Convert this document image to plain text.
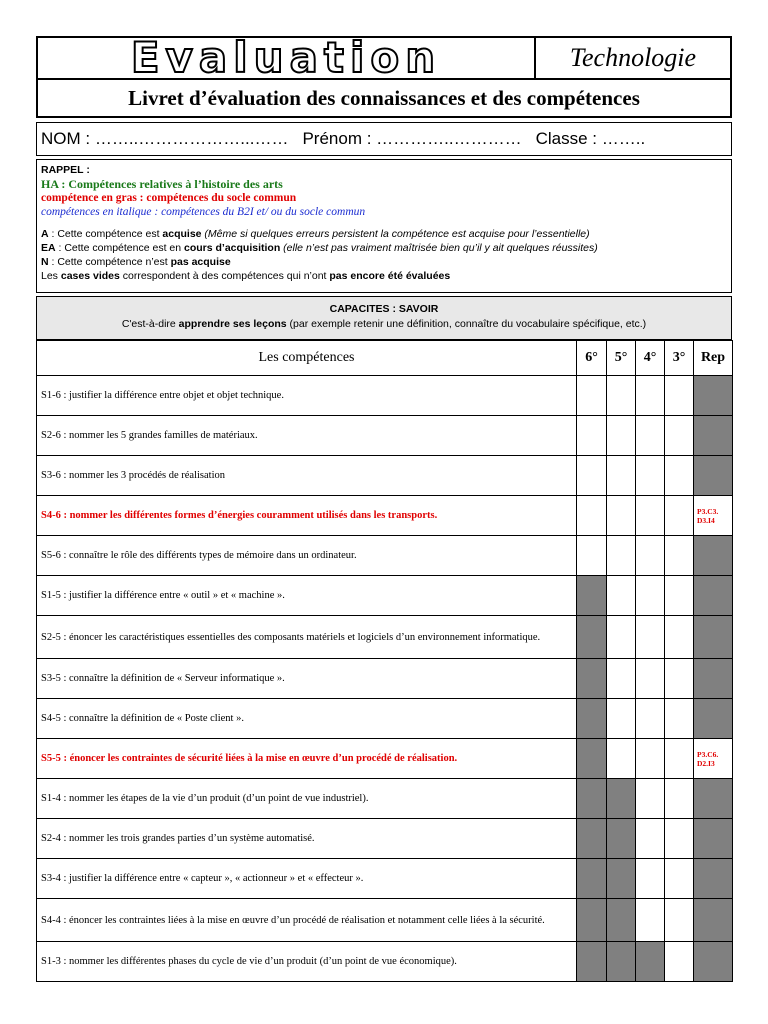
Evaluation	Technologie
Livret d’évaluation des connaissances et des compétences
NOM : ……..………………...…… Prénom : …………..………… Classe : ……..
RAPPEL :
HA : Compétences relatives à l’histoire des arts
compétence en gras : compétences du socle commun
compétences en italique : compétences du B2I et/ ou du socle commun
A : Cette compétence est acquise (Même si quelques erreurs persistent la compétence est acquise pour l’essentielle)
EA : Cette compétence est en cours d’acquisition (elle n’est pas vraiment maîtrisée bien qu’il y ait quelques réussites)
N : Cette compétence n’est pas acquise
Les cases vides correspondent à des compétences qui n’ont pas encore été évaluées
CAPACITES : SAVOIR
C'est-à-dire apprendre ses leçons (par exemple retenir une définition, connaître du vocabulaire spécifique, etc.)
Les compétences	6°	5°	4°	3°	Rep
S1-6 : justifier la différence entre objet et objet technique.					
S2-6 : nommer les 5 grandes familles de matériaux.					
S3-6 : nommer les 3 procédés de réalisation					
S4-6 : nommer les différentes formes d’énergies couramment utilisés dans les transports.					P3.C3.
D3.I4
S5-6 : connaître le rôle des différents types de mémoire dans un ordinateur.					
S1-5 : justifier la différence entre « outil » et « machine ».					

S2-5 : énoncer les caractéristiques essentielles des composants matériels et logiciels d’un environnement informatique.					

S3-5 : connaître la définition de « Serveur informatique ».					
S4-5 : connaître la définition de « Poste client ».					
S5-5 : énoncer les contraintes de sécurité liées à la mise en œuvre d’un procédé de réalisation.					P3.C6.
D2.I3
S1-4 : nommer les étapes de la vie d’un produit (d’un point de vue industriel).					
S2-4 : nommer les trois grandes parties d’un système automatisé.					
S3-4 : justifier la différence entre « capteur », « actionneur » et « effecteur ».					

S4-4 : énoncer les contraintes liées à la mise en œuvre d’un procédé de réalisation et notamment celle liées à la sécurité.					

S1-3 : nommer les différentes phases du cycle de vie d’un produit (d’un point de vue économique).					
